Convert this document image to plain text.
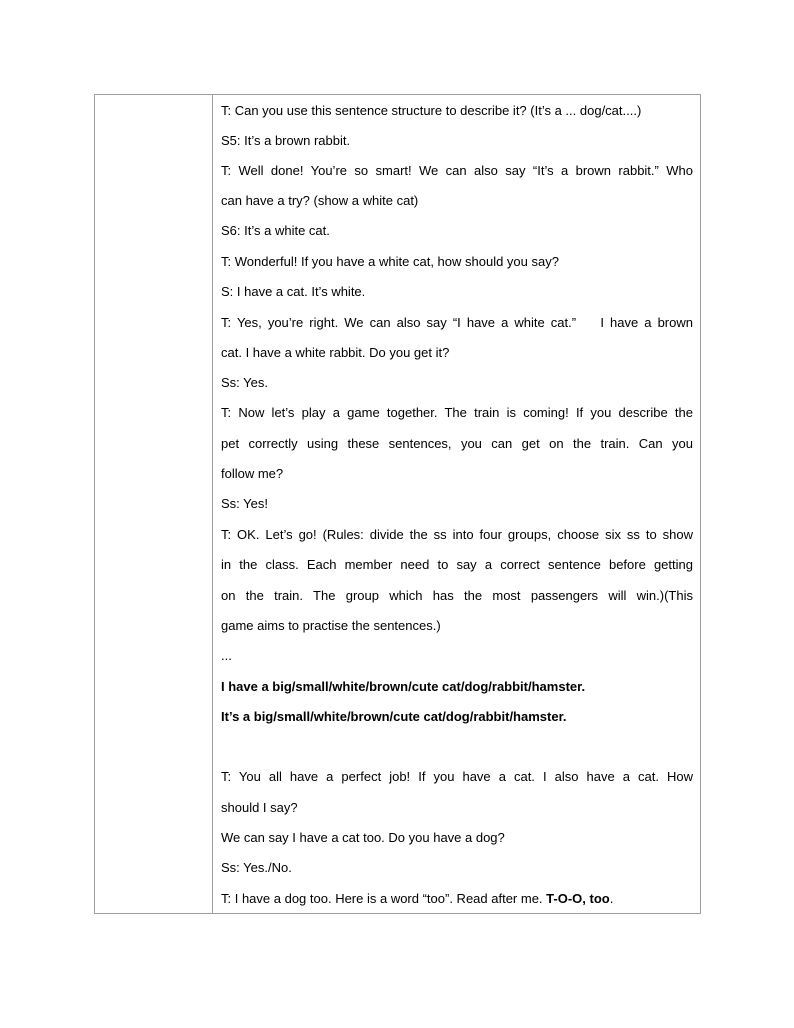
T: Can you use this sentence structure to describe it? (It’s a ... dog/cat....)
S5: It’s a brown rabbit.
T: Well done! You’re so smart! We can also say “It’s a brown rabbit.” Who
can have a try? (show a white cat)
S6: It’s a white cat.
T: Wonderful! If you have a white cat, how should you say?
S: I have a cat. It’s white.
T: Yes, you’re right. We can also say “I have a white cat.”    I have a brown
cat. I have a white rabbit. Do you get it?
Ss: Yes.
T: Now let’s play a game together. The train is coming! If you describe the
pet correctly using these sentences, you can get on the train. Can you
follow me?
Ss: Yes!
T: OK. Let’s go! (Rules: divide the ss into four groups, choose six ss to show
in the class. Each member need to say a correct sentence before getting
on the train. The group which has the most passengers will win.)(This
game aims to practise the sentences.)
...
I have a big/small/white/brown/cute cat/dog/rabbit/hamster.
It’s a big/small/white/brown/cute cat/dog/rabbit/hamster.
T: You all have a perfect job! If you have a cat. I also have a cat. How
should I say?
We can say I have a cat too. Do you have a dog?
Ss: Yes./No.
T: I have a dog too. Here is a word “too”. Read after me. T-O-O, too.
